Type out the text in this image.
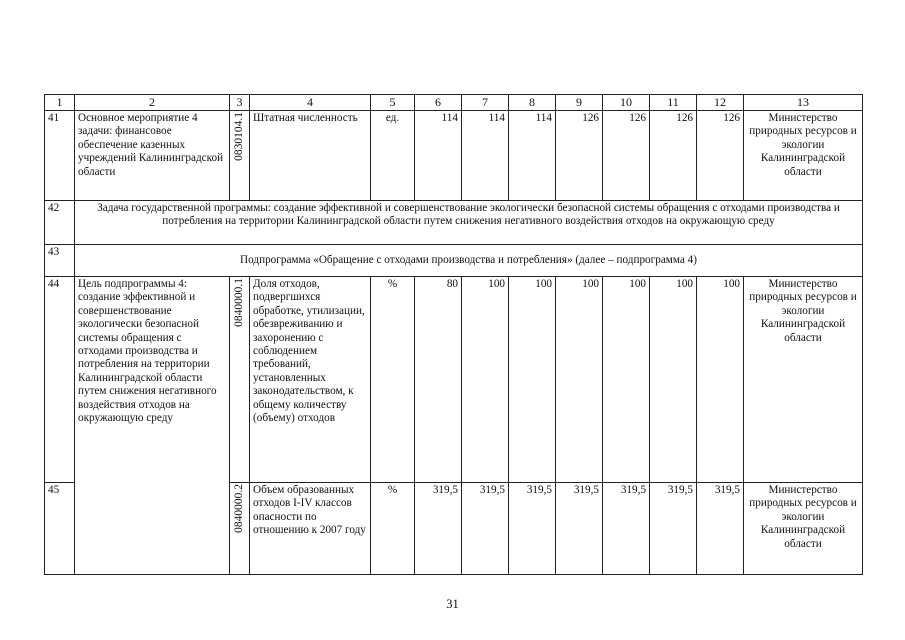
1	2	3	4	5	6	7	8	9	10	11	12	13
41	Основное мероприятие 4 задачи: финансовое обеспечение казенных учреждений Калининградской области	0830104.1	Штатная численность	ед.	114	114	114	126	126	126	126	Министерство природных ресурсов и экологии Калининградской области
42	Задача государственной программы: создание эффективной и совершенствование экологически безопасной системы обращения с отходами производства и потребления на территории Калининградской области путем снижения негативного воздействия отходов на окружающую среду											
43	Подпрограмма «Обращение с отходами производства и потребления» (далее – подпрограмма 4)											
44	Цель подпрограммы 4: создание эффективной и совершенствование экологически безопасной системы обращения с отходами производства и потребления на территории Калининградской области путем снижения негативного воздействия отходов на окружающую среду	0840000.1	Доля отходов, подвергшихся обработке, утилизации, обезвреживанию и захоронению с соблюдением требований, установленных законодательством, к общему количеству (объему) отходов	%	80	100	100	100	100	100	100	Министерство природных ресурсов и экологии Калининградской области
45		0840000.2	Объем образованных отходов I-IV классов опасности по отношению к 2007 году	%	319,5	319,5	319,5	319,5	319,5	319,5	319,5	Министерство природных ресурсов и экологии Калининградской области
31
